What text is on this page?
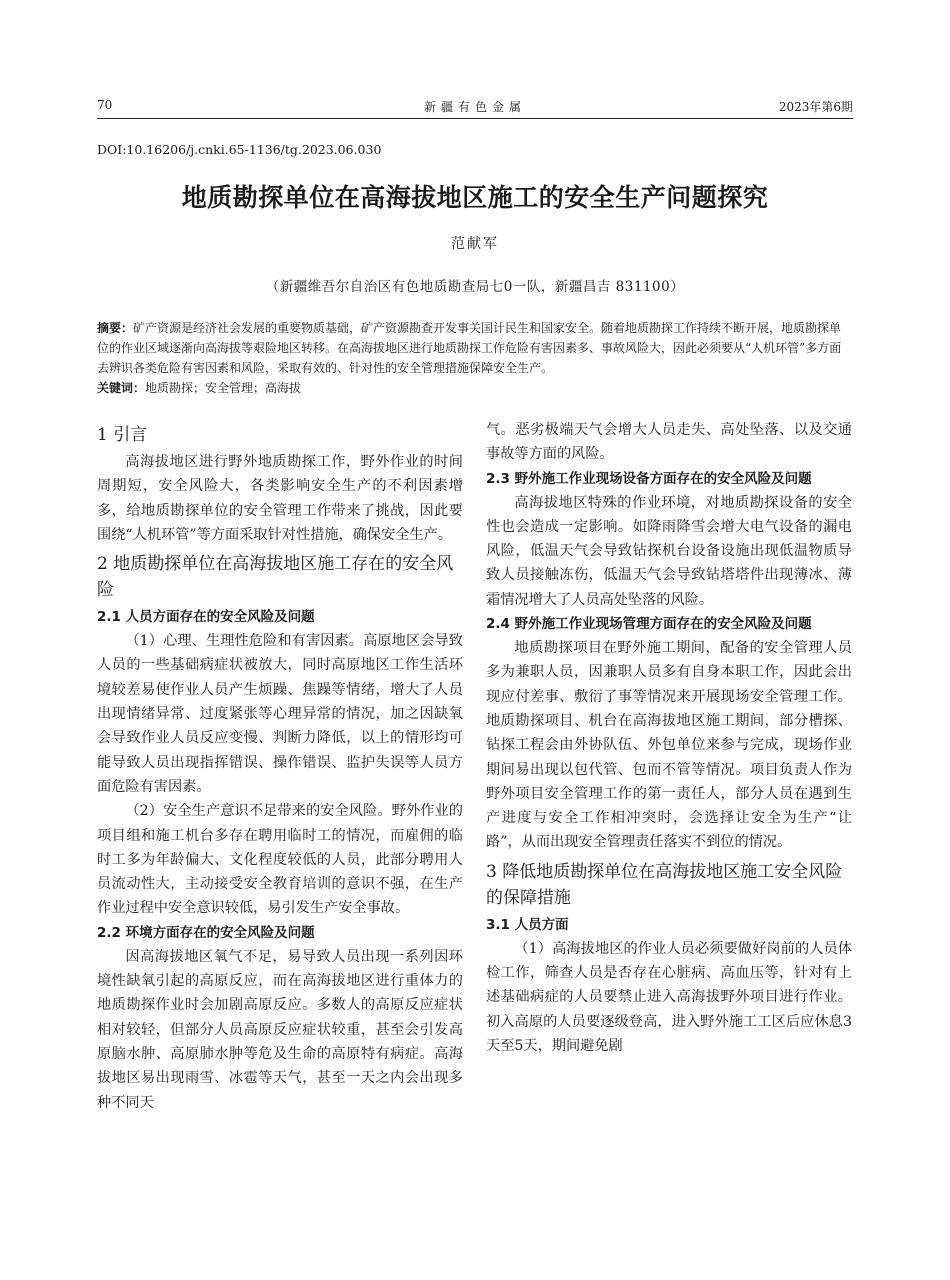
70	新疆有色金属	2023年第6期
DOI:10.16206/j.cnki.65-1136/tg.2023.06.030
地质勘探单位在高海拔地区施工的安全生产问题探究
范献军
（新疆维吾尔自治区有色地质勘查局七0一队，新疆昌吉 831100）

摘要：矿产资源是经济社会发展的重要物质基础，矿产资源勘查开发事关国计民生和国家安全。随着地质勘探工作持续不断开展，地质勘探单位的作业区域逐渐向高海拔等艰险地区转移。在高海拔地区进行地质勘探工作危险有害因素多、事故风险大，因此必须要从“人机环管”多方面去辨识各类危险有害因素和风险，采取有效的、针对性的安全管理措施保障安全生产。

关键词：地质勘探；安全管理；高海拔

1 引言

高海拔地区进行野外地质勘探工作，野外作业的时间周期短，安全风险大，各类影响安全生产的不利因素增多，给地质勘探单位的安全管理工作带来了挑战，因此要围绕“人机环管”等方面采取针对性措施，确保安全生产。

2 地质勘探单位在高海拔地区施工存在的安全风险
2.1 人员方面存在的安全风险及问题

（1）心理、生理性危险和有害因素。高原地区会导致人员的一些基础病症状被放大，同时高原地区工作生活环境较差易使作业人员产生烦躁、焦躁等情绪，增大了人员出现情绪异常、过度紧张等心理异常的情况，加之因缺氧会导致作业人员反应变慢、判断力降低，以上的情形均可能导致人员出现指挥错误、操作错误、监护失误等人员方面危险有害因素。

（2）安全生产意识不足带来的安全风险。野外作业的项目组和施工机台多存在聘用临时工的情况，而雇佣的临时工多为年龄偏大、文化程度较低的人员，此部分聘用人员流动性大，主动接受安全教育培训的意识不强，在生产作业过程中安全意识较低，易引发生产安全事故。

2.2 环境方面存在的安全风险及问题

因高海拔地区氧气不足，易导致人员出现一系列因环境性缺氧引起的高原反应，而在高海拔地区进行重体力的地质勘探作业时会加剧高原反应。多数人的高原反应症状相对较轻，但部分人员高原反应症状较重，甚至会引发高原脑水肿、高原肺水肿等危及生命的高原特有病症。高海拔地区易出现雨雪、冰雹等天气，甚至一天之内会出现多种不同天

气。恶劣极端天气会增大人员走失、高处坠落、以及交通事故等方面的风险。

2.3 野外施工作业现场设备方面存在的安全风险及问题

高海拔地区特殊的作业环境，对地质勘探设备的安全性也会造成一定影响。如降雨降雪会增大电气设备的漏电风险，低温天气会导致钻探机台设备设施出现低温物质导致人员接触冻伤，低温天气会导致钻塔塔件出现薄冰、薄霜情况增大了人员高处坠落的风险。

2.4 野外施工作业现场管理方面存在的安全风险及问题

地质勘探项目在野外施工期间，配备的安全管理人员多为兼职人员，因兼职人员多有自身本职工作，因此会出现应付差事、敷衍了事等情况来开展现场安全管理工作。地质勘探项目、机台在高海拔地区施工期间，部分槽探、钻探工程会由外协队伍、外包单位来参与完成，现场作业期间易出现以包代管、包而不管等情况。项目负责人作为野外项目安全管理工作的第一责任人，部分人员在遇到生产进度与安全工作相冲突时，会选择让安全为生产“让路”，从而出现安全管理责任落实不到位的情况。

3 降低地质勘探单位在高海拔地区施工安全风险的保障措施
3.1 人员方面

（1）高海拔地区的作业人员必须要做好岗前的人员体检工作，筛查人员是否存在心脏病、高血压等，针对有上述基础病症的人员要禁止进入高海拔野外项目进行作业。初入高原的人员要逐级登高，进入野外施工工区后应休息3天至5天，期间避免剧
